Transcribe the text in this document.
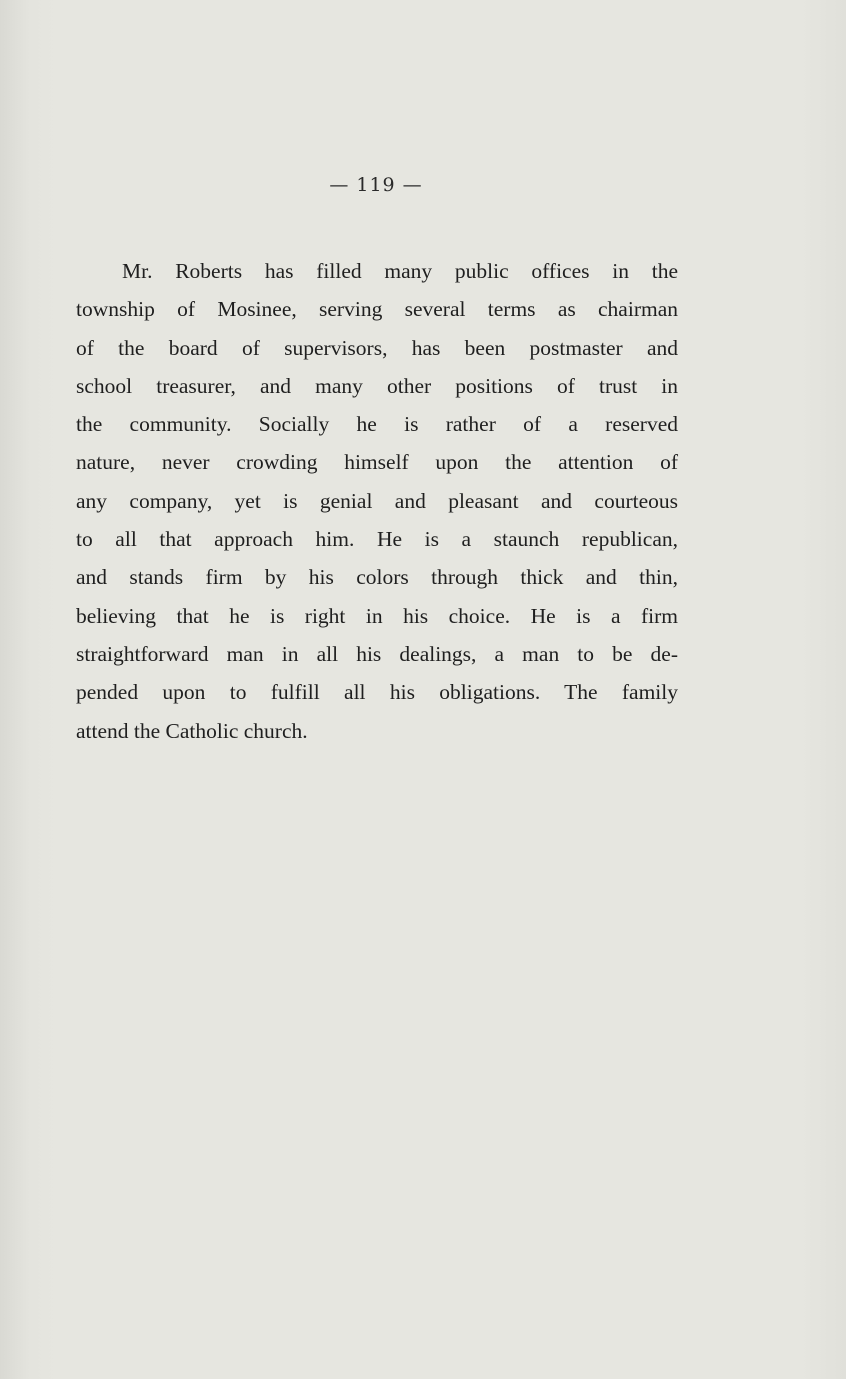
— 119 —
Mr. Roberts has filled many public offices in the
township of Mosinee, serving several terms as chairman
of the board of supervisors, has been postmaster and
school treasurer, and many other positions of trust in
the community. Socially he is rather of a reserved
nature, never crowding himself upon the attention of
any company, yet is genial and pleasant and courteous
to all that approach him. He is a staunch republican,
and stands firm by his colors through thick and thin,
believing that he is right in his choice. He is a firm
straightforward man in all his dealings, a man to be de-
pended upon to fulfill all his obligations. The family
attend the Catholic church.
